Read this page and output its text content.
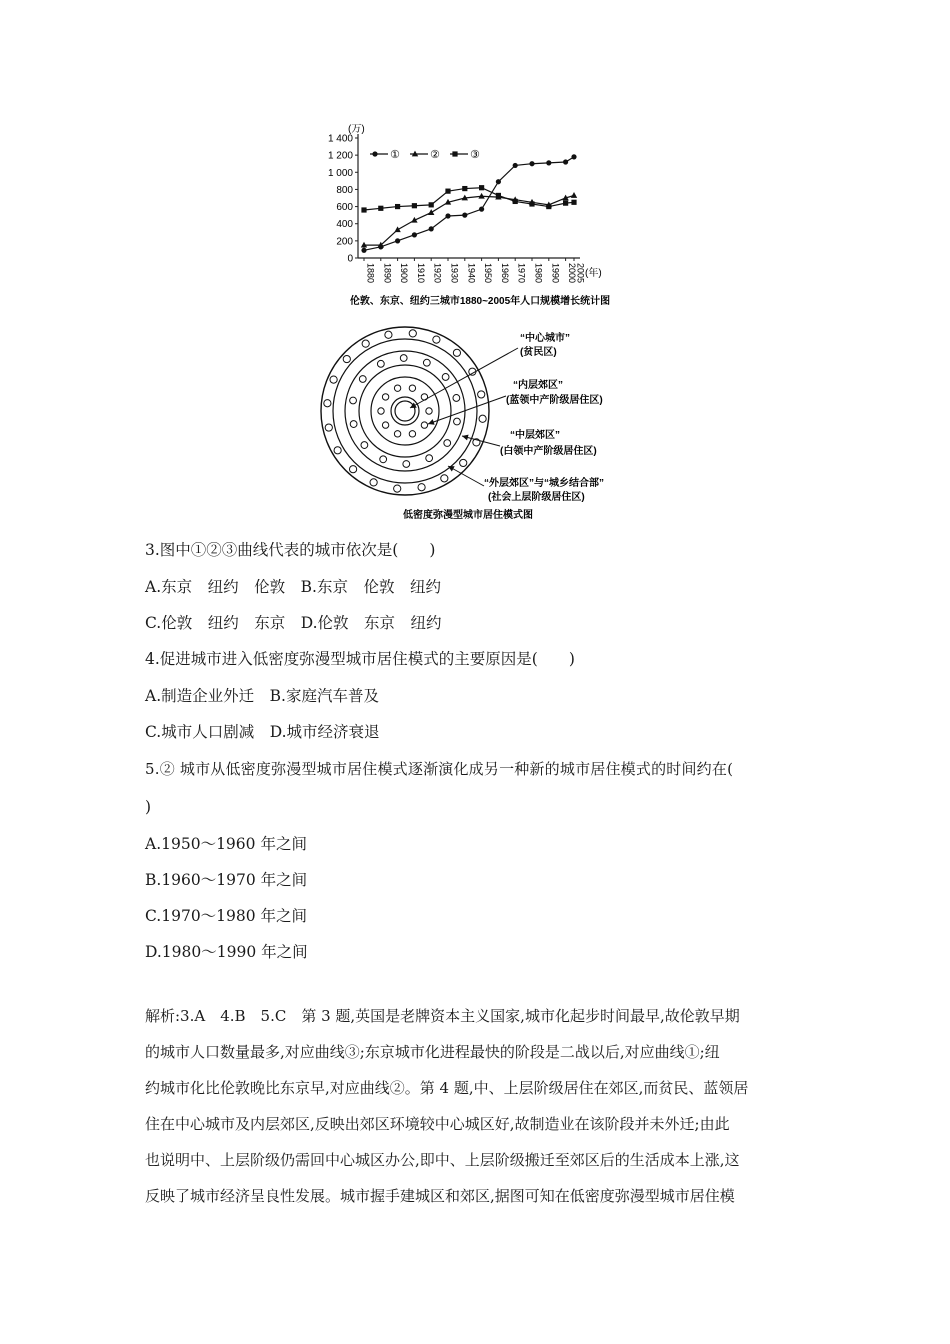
0
200
400
600
800
1 000
1 200
1 400
1880 1890 1900 1910 1920 1930 1940 1950 1960 1970 1980 1990 2000
2005
①	②	③
(万)
(年)
伦敦、东京、纽约三城市1880~2005年人口规模增长统计图
“中心城市”
(贫民区)
“内层郊区”
(蓝领中产阶级居住区)
“中层郊区”
(白领中产阶级居住区)
“外层郊区”与“城乡结合部”
(社会上层阶级居住区)
低密度弥漫型城市居住模式图
3.图中①②③曲线代表的城市依次是(　　)
A.东京　纽约　伦敦　B.东京　伦敦　纽约
C.伦敦　纽约　东京　D.伦敦　东京　纽约
4.促进城市进入低密度弥漫型城市居住模式的主要原因是(　　)
A.制造企业外迁　B.家庭汽车普及
C.城市人口剧减　D.城市经济衰退
5.② 城市从低密度弥漫型城市居住模式逐渐演化成另一种新的城市居住模式的时间约在(
)
A.1950～1960 年之间
B.1960～1970 年之间
C.1970～1980 年之间
D.1980～1990 年之间
解析:3.A　4.B　5.C　第 3 题,英国是老牌资本主义国家,城市化起步时间最早,故伦敦早期
的城市人口数量最多,对应曲线③;东京城市化进程最快的阶段是二战以后,对应曲线①;纽
约城市化比伦敦晚比东京早,对应曲线②。第 4 题,中、上层阶级居住在郊区,而贫民、蓝领居
住在中心城市及内层郊区,反映出郊区环境较中心城区好,故制造业在该阶段并未外迁;由此
也说明中、上层阶级仍需回中心城区办公,即中、上层阶级搬迁至郊区后的生活成本上涨,这
反映了城市经济呈良性发展。城市握手建城区和郊区,据图可知在低密度弥漫型城市居住模
